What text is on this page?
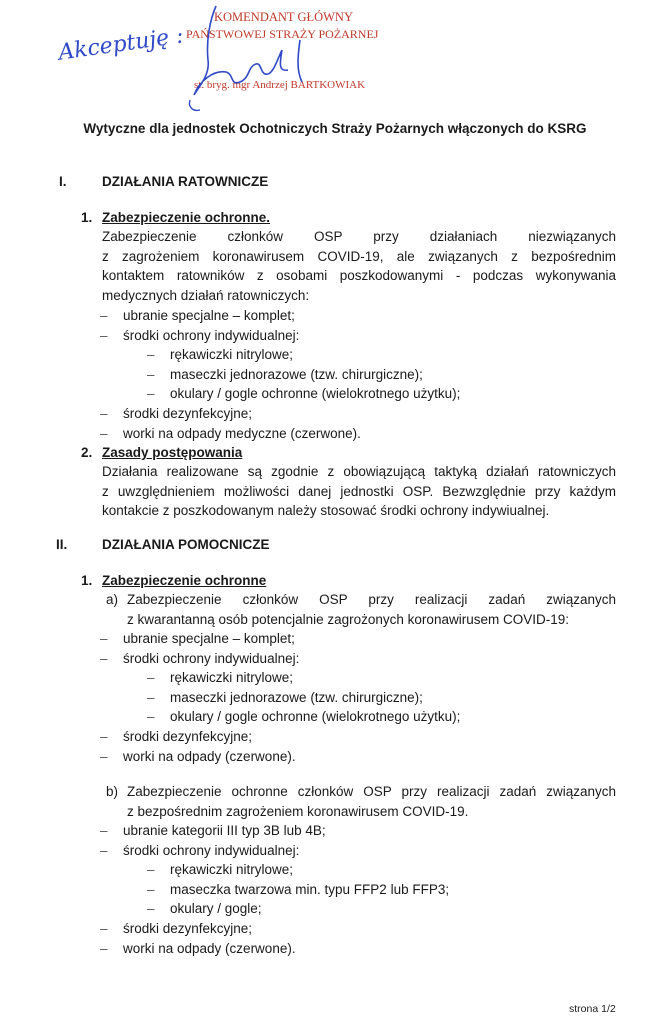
Akceptuję :
KOMENDANT GŁÓWNY
PAŃSTWOWEJ STRAŻY POŻARNEJ
st. bryg. mgr Andrzej BARTKOWIAK
Wytyczne dla jednostek Ochotniczych Straży Pożarnych włączonych do KSRG
I.	DZIAŁANIA RATOWNICZE
1. Zabezpieczenie ochronne.
Zabezpieczenie członków OSP przy działaniach niezwiązanych
z zagrożeniem koronawirusem COVID-19, ale związanych z bezpośrednim
kontaktem ratowników z osobami poszkodowanymi - podczas wykonywania
medycznych działań ratowniczych:
– ubranie specjalne – komplet;
– środki ochrony indywidualnej:
– rękawiczki nitrylowe;
– maseczki jednorazowe (tzw. chirurgiczne);
– okulary / gogle ochronne (wielokrotnego użytku);
– środki dezynfekcyjne;
– worki na odpady medyczne (czerwone).
2. Zasady postępowania
Działania realizowane są zgodnie z obowiązującą taktyką działań ratowniczych
z uwzględnieniem możliwości danej jednostki OSP. Bezwzględnie przy każdym
kontakcie z poszkodowanym należy stosować środki ochrony indywiualnej.
II.	DZIAŁANIA POMOCNICZE
1. Zabezpieczenie ochronne
a) Zabezpieczenie członków OSP przy realizacji zadań związanych
z kwarantanną osób potencjalnie zagrożonych koronawirusem COVID-19:
– ubranie specjalne – komplet;
– środki ochrony indywidualnej:
– rękawiczki nitrylowe;
– maseczki jednorazowe (tzw. chirurgiczne);
– okulary / gogle ochronne (wielokrotnego użytku);
– środki dezynfekcyjne;
– worki na odpady (czerwone).
b) Zabezpieczenie ochronne członków OSP przy realizacji zadań związanych
z bezpośrednim zagrożeniem koronawirusem COVID-19.
– ubranie kategorii III typ 3B lub 4B;
– środki ochrony indywidualnej:
– rękawiczki nitrylowe;
– maseczka twarzowa min. typu FFP2 lub FFP3;
– okulary / gogle;
– środki dezynfekcyjne;
– worki na odpady (czerwone).
strona 1/2
